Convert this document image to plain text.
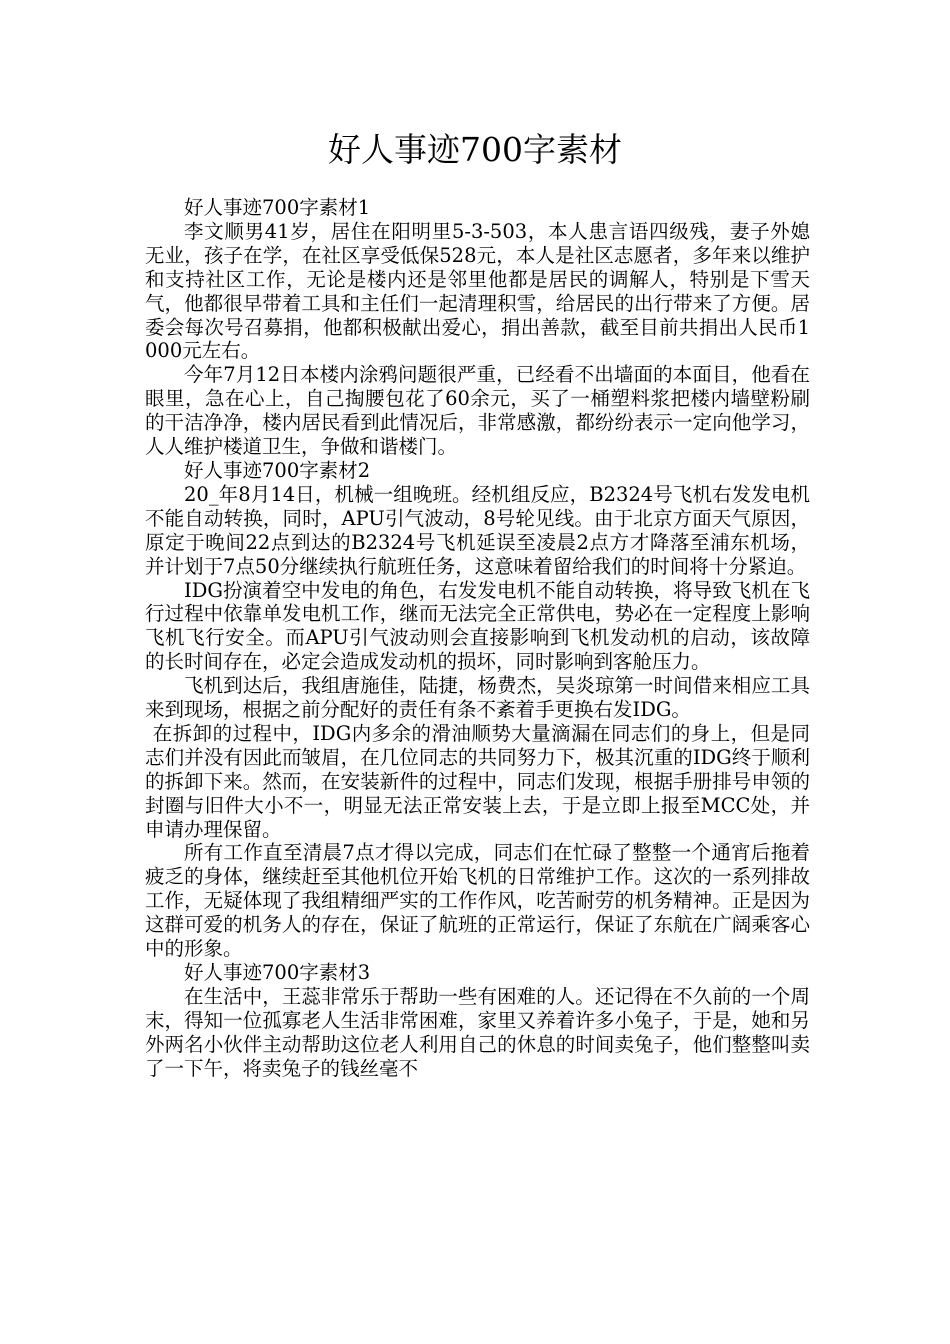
好人事迹700字素材

好人事迹700字素材1

李文顺男41岁，居住在阳明里5-3-503，本人患言语四级残，妻子外媳无业，孩子在学，在社区享受低保528元，本人是社区志愿者，多年来以维护和支持社区工作，无论是楼内还是邻里他都是居民的调解人，特别是下雪天气，他都很早带着工具和主任们一起清理积雪，给居民的出行带来了方便。居委会每次号召募捐，他都积极献出爱心，捐出善款，截至目前共捐出人民币1000元左右。

今年7月12日本楼内涂鸦问题很严重，已经看不出墙面的本面目，他看在眼里，急在心上，自己掏腰包花了60余元，买了一桶塑料浆把楼内墙壁粉刷的干洁净净，楼内居民看到此情况后，非常感激，都纷纷表示一定向他学习，人人维护楼道卫生，争做和谐楼门。

好人事迹700字素材2

20_年8月14日，机械一组晚班。经机组反应，B2324号飞机右发发电机不能自动转换，同时，APU引气波动，8号轮见线。由于北京方面天气原因，原定于晚间22点到达的B2324号飞机延误至凌晨2点方才降落至浦东机场，并计划于7点50分继续执行航班任务，这意味着留给我们的时间将十分紧迫。

IDG扮演着空中发电的角色，右发发电机不能自动转换，将导致飞机在飞行过程中依靠单发电机工作，继而无法完全正常供电，势必在一定程度上影响飞机飞行安全。而APU引气波动则会直接影响到飞机发动机的启动，该故障的长时间存在，必定会造成发动机的损坏，同时影响到客舱压力。

飞机到达后，我组唐施佳，陆捷，杨费杰，吴炎琼第一时间借来相应工具来到现场，根据之前分配好的责任有条不紊着手更换右发IDG。

在拆卸的过程中，IDG内多余的滑油顺势大量滴漏在同志们的身上，但是同志们并没有因此而皱眉，在几位同志的共同努力下，极其沉重的IDG终于顺利的拆卸下来。然而，在安装新件的过程中，同志们发现，根据手册排号申领的封圈与旧件大小不一，明显无法正常安装上去，于是立即上报至MCC处，并申请办理保留。

所有工作直至清晨7点才得以完成，同志们在忙碌了整整一个通宵后拖着疲乏的身体，继续赶至其他机位开始飞机的日常维护工作。这次的一系列排故工作，无疑体现了我组精细严实的工作作风，吃苦耐劳的机务精神。正是因为这群可爱的机务人的存在，保证了航班的正常运行，保证了东航在广阔乘客心中的形象。

好人事迹700字素材3

在生活中，王蕊非常乐于帮助一些有困难的人。还记得在不久前的一个周末，得知一位孤寡老人生活非常困难，家里又养着许多小兔子，于是，她和另外两名小伙伴主动帮助这位老人利用自己的休息的时间卖兔子，他们整整叫卖了一下午，将卖兔子的钱丝毫不
